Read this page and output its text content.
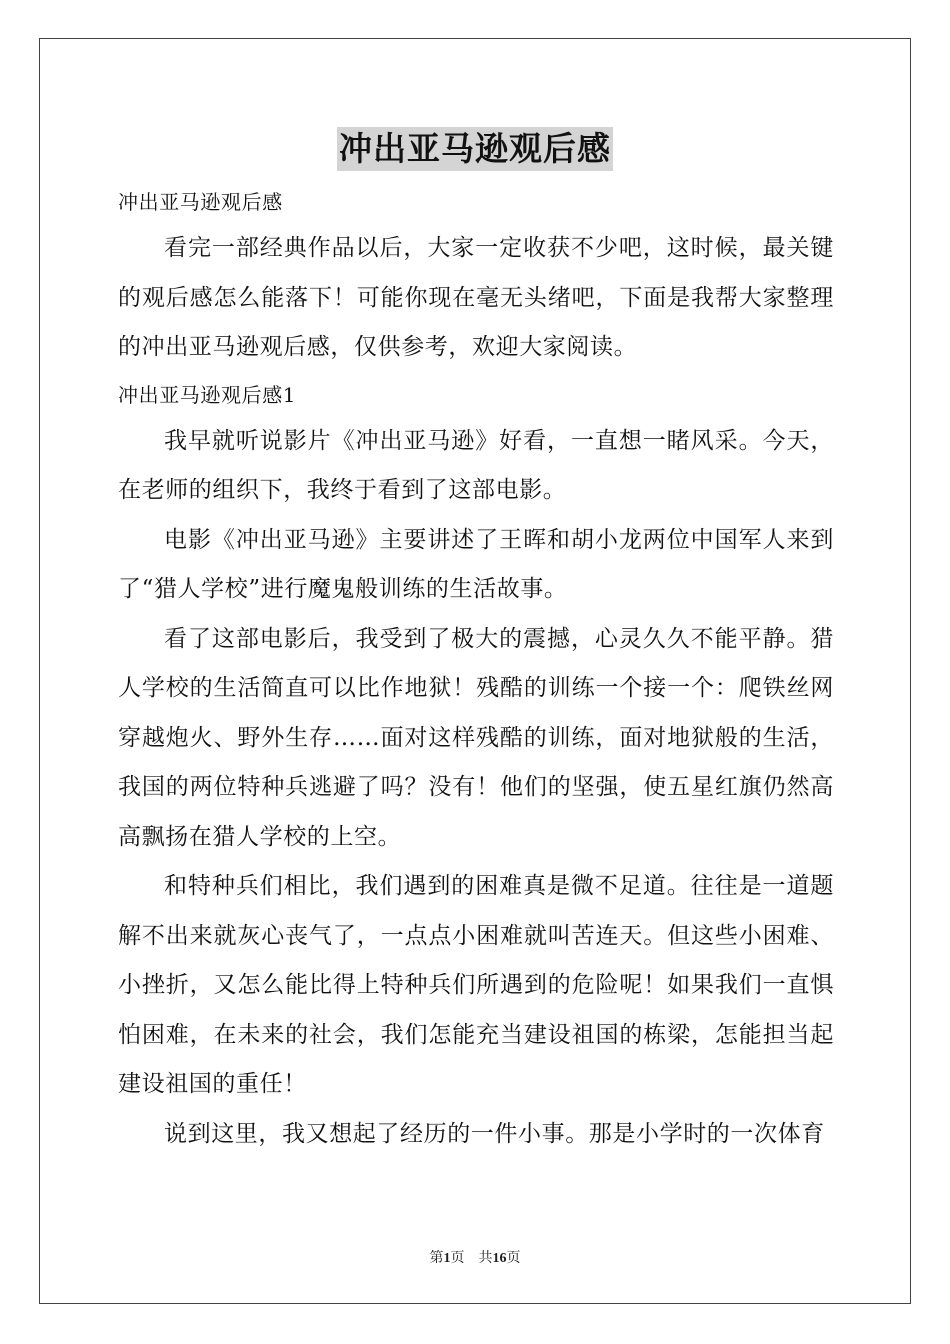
冲出亚马逊观后感

冲出亚马逊观后感

看完一部经典作品以后，大家一定收获不少吧，这时候，最关键的观后感怎么能落下！可能你现在毫无头绪吧，下面是我帮大家整理的冲出亚马逊观后感，仅供参考，欢迎大家阅读。

冲出亚马逊观后感1

我早就听说影片《冲出亚马逊》好看，一直想一睹风采。今天，在老师的组织下，我终于看到了这部电影。

电影《冲出亚马逊》主要讲述了王晖和胡小龙两位中国军人来到了“猎人学校”进行魔鬼般训练的生活故事。

看了这部电影后，我受到了极大的震撼，心灵久久不能平静。猎人学校的生活简直可以比作地狱！残酷的训练一个接一个：爬铁丝网穿越炮火、野外生存……面对这样残酷的训练，面对地狱般的生活，我国的两位特种兵逃避了吗？没有！他们的坚强，使五星红旗仍然高高飘扬在猎人学校的上空。

和特种兵们相比，我们遇到的困难真是微不足道。往往是一道题解不出来就灰心丧气了，一点点小困难就叫苦连天。但这些小困难、小挫折，又怎么能比得上特种兵们所遇到的危险呢！如果我们一直惧怕困难，在未来的社会，我们怎能充当建设祖国的栋梁，怎能担当起建设祖国的重任！

说到这里，我又想起了经历的一件小事。那是小学时的一次体育

第1页 共16页
